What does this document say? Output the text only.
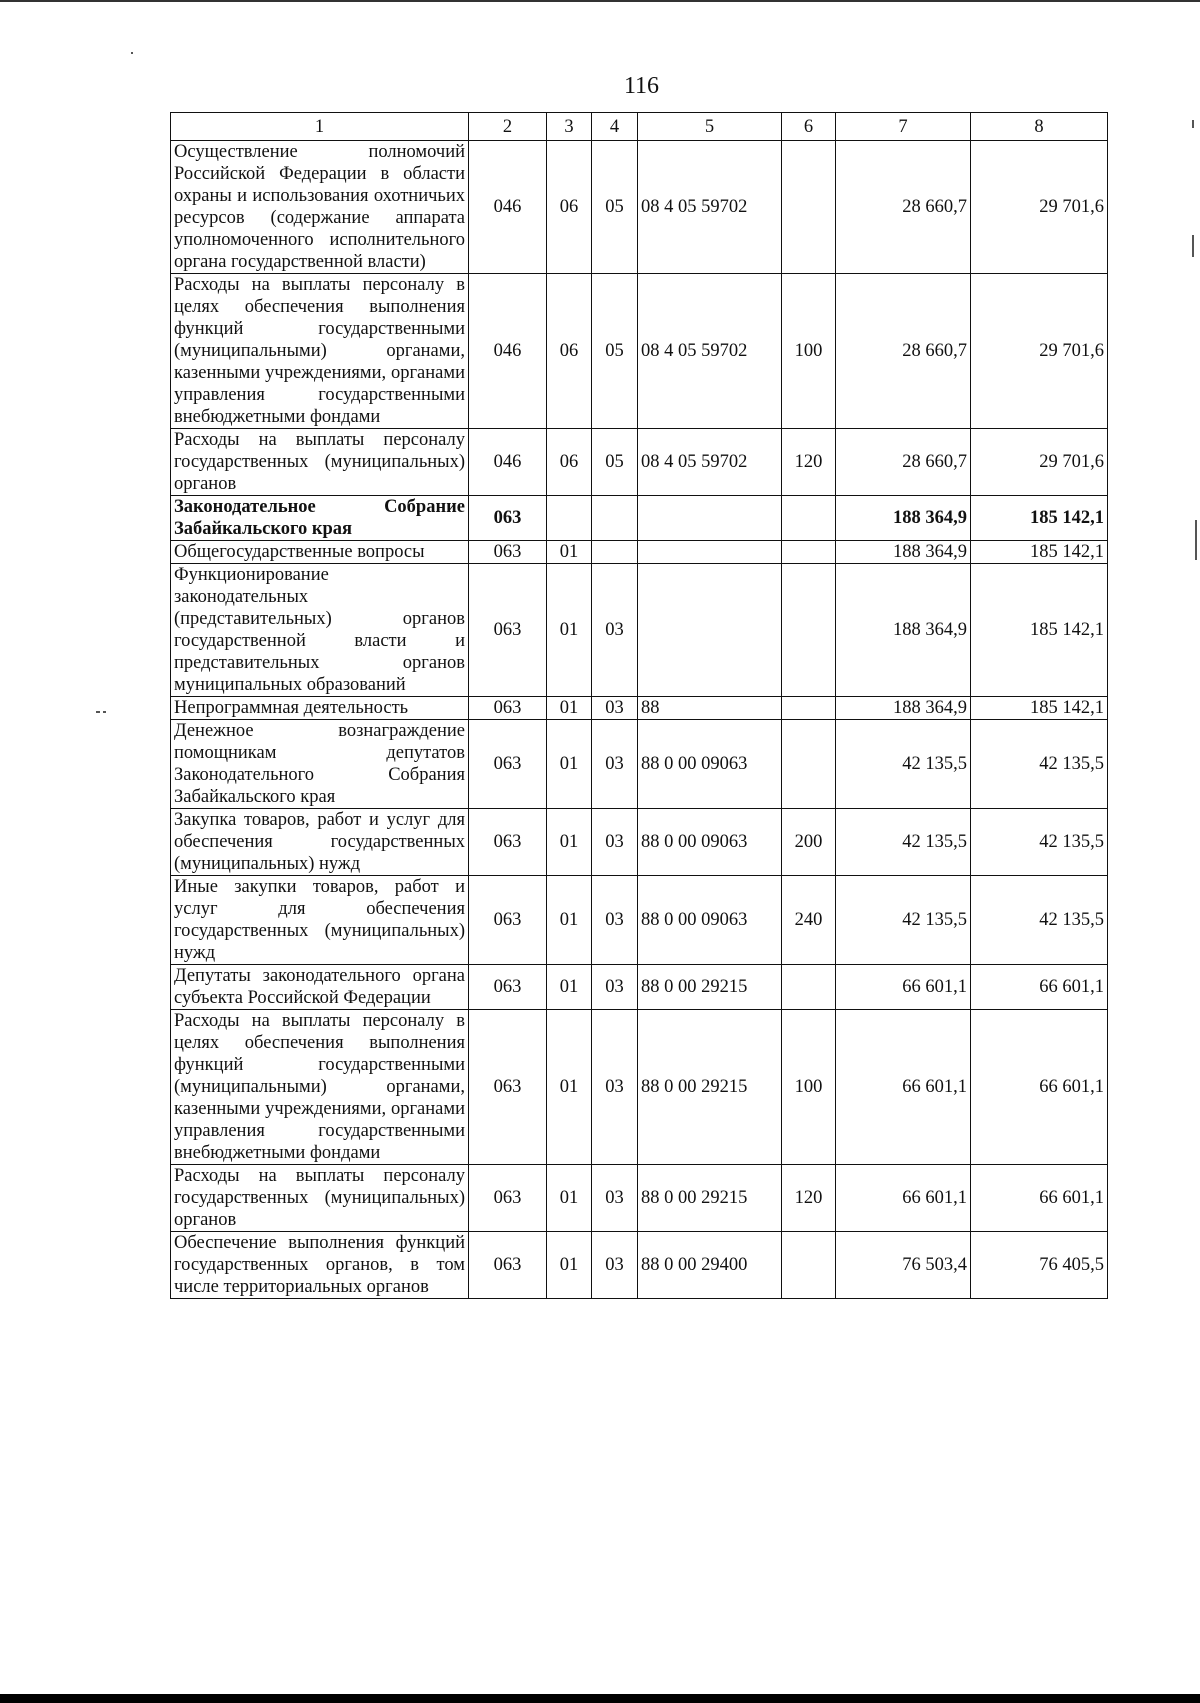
116
1	2	3	4	5	6	7	8
Осуществление полномочий Российской Федерации в области охраны и использования охотничьих ресурсов (содержание аппарата уполномоченного исполнительного органа государственной власти)	046	06	05	08 4 05 59702		28 660,7	29 701,6
Расходы на выплаты персоналу в целях обеспечения выполнения функций государственными (муниципальными) органами, казенными учреждениями, органами управления государственными внебюджетными фондами	046	06	05	08 4 05 59702	100	28 660,7	29 701,6
Расходы на выплаты персоналу государственных (муниципальных) органов	046	06	05	08 4 05 59702	120	28 660,7	29 701,6
Законодательное Собрание Забайкальского края	063					188 364,9	185 142,1
Общегосударственные вопросы	063	01				188 364,9	185 142,1
Функционирование законодательных (представительных) органов государственной власти и представительных органов муниципальных образований	063	01	03			188 364,9	185 142,1
Непрограммная деятельность	063	01	03	88		188 364,9	185 142,1
Денежное вознаграждение помощникам депутатов Законодательного Собрания Забайкальского края	063	01	03	88 0 00 09063		42 135,5	42 135,5
Закупка товаров, работ и услуг для обеспечения государственных (муниципальных) нужд	063	01	03	88 0 00 09063	200	42 135,5	42 135,5
Иные закупки товаров, работ и услуг для обеспечения государственных (муниципальных) нужд	063	01	03	88 0 00 09063	240	42 135,5	42 135,5
Депутаты законодательного органа субъекта Российской Федерации	063	01	03	88 0 00 29215		66 601,1	66 601,1
Расходы на выплаты персоналу в целях обеспечения выполнения функций государственными (муниципальными) органами, казенными учреждениями, органами управления государственными внебюджетными фондами	063	01	03	88 0 00 29215	100	66 601,1	66 601,1
Расходы на выплаты персоналу государственных (муниципальных) органов	063	01	03	88 0 00 29215	120	66 601,1	66 601,1
Обеспечение выполнения функций государственных органов, в том числе территориальных органов	063	01	03	88 0 00 29400		76 503,4	76 405,5
